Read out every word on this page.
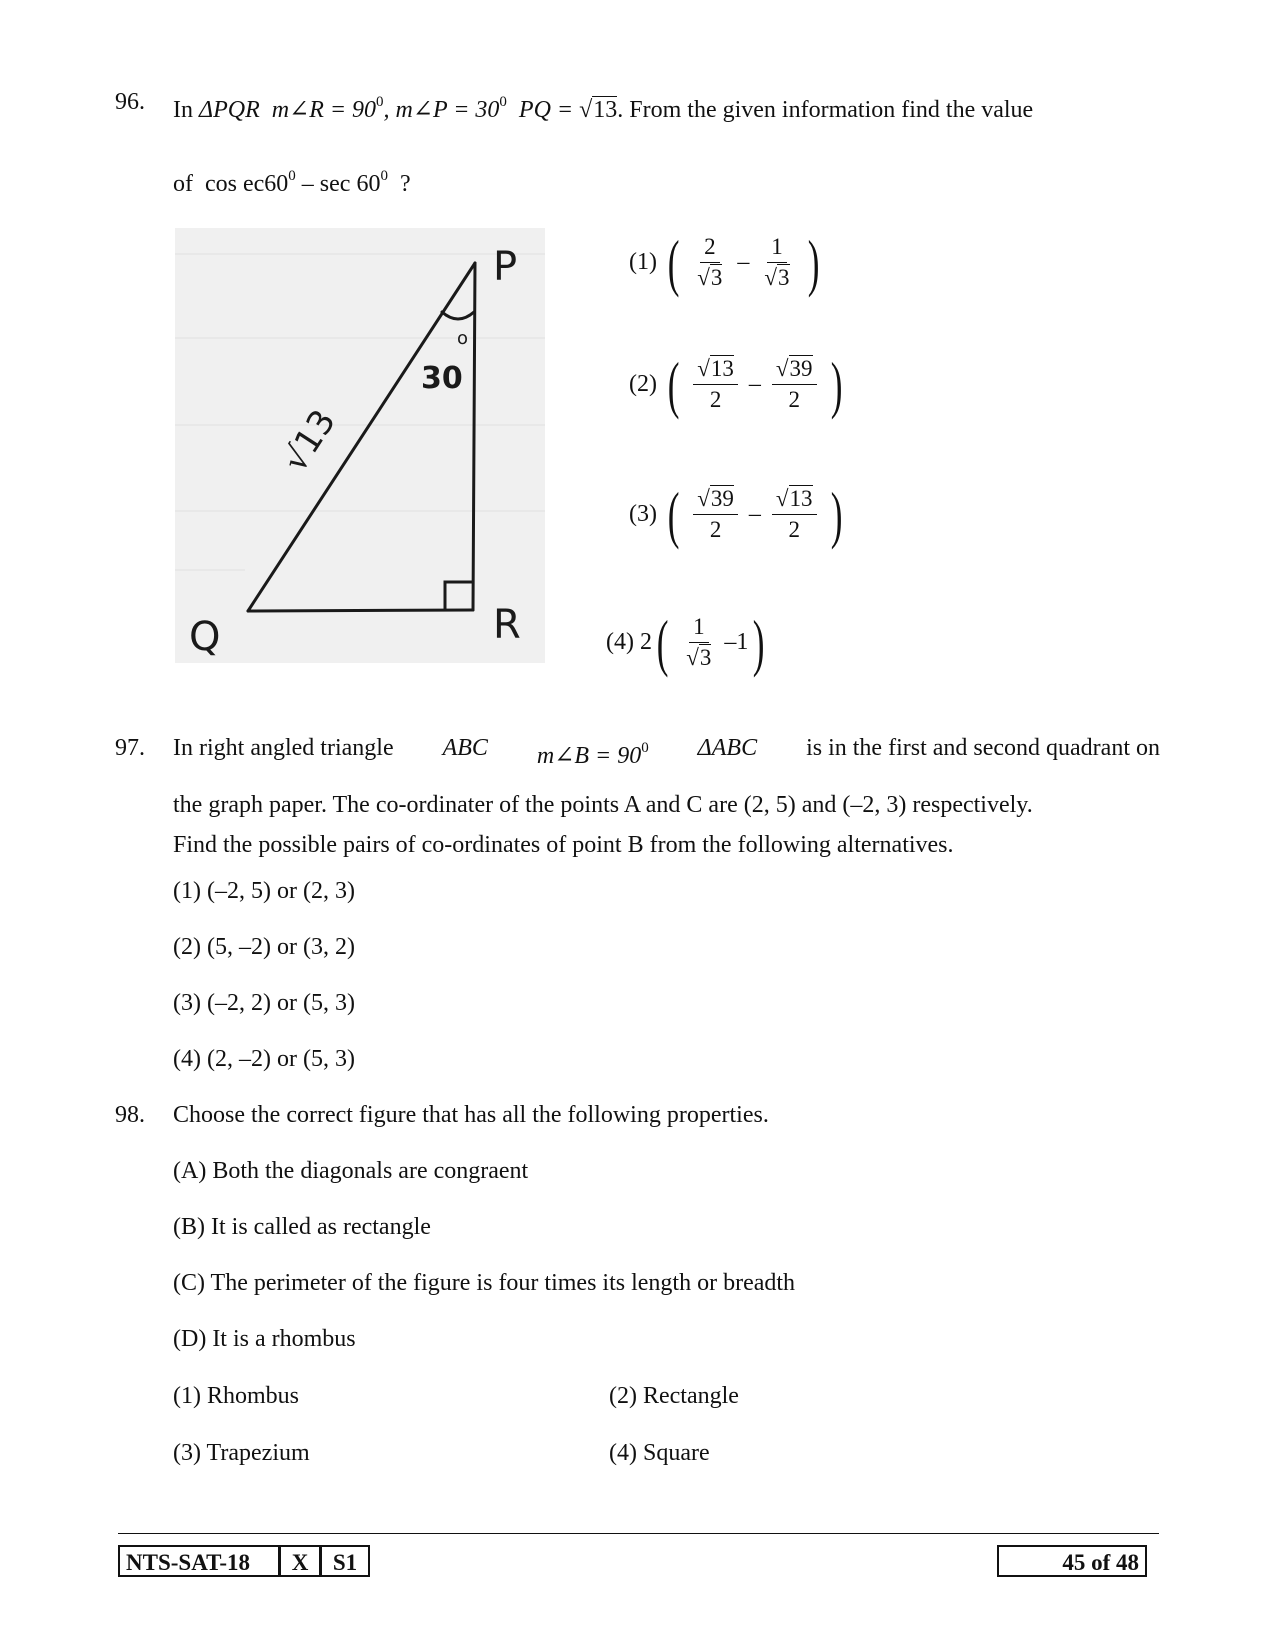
96. In ΔPQR m∠R = $90^0$, m∠P = $30^0$ PQ = √13. From the given information find the value
of $\cos ec60^0$ – $\sec 60^0$ ?
P
Q	R
30
o
√13
(1) ( $\frac{2}{√3} - \frac{1}{√3}$ )
(2) ( $\frac{√13}{2} - \frac{√39}{2}$ )
(3) ( $\frac{√39}{2} - \frac{√13}{2}$ )
(4) $2( \frac{1}{√3} -1)$
97. In right angled triangle ABC m∠B = $90^0$ ΔABC is in the first and second quadrant on
the graph paper. The co-ordinater of the points A and C are (2, 5) and (–2, 3) respectively.
Find the possible pairs of co-ordinates of point B from the following alternatives.
(1) (–2, 5) or (2, 3)
(2) (5, –2) or (3, 2)
(3) (–2, 2) or (5, 3)
(4) (2, –2) or (5, 3)
98. Choose the correct figure that has all the following properties.
(A) Both the diagonals are congraent
(B) It is called as rectangle
(C) The perimeter of the figure is four times its length or breadth
(D) It is a rhombus
(1) Rhombus	(2) Rectangle
(3) Trapezium	(4) Square
NTS-SAT-18	X	S1	45 of 48
